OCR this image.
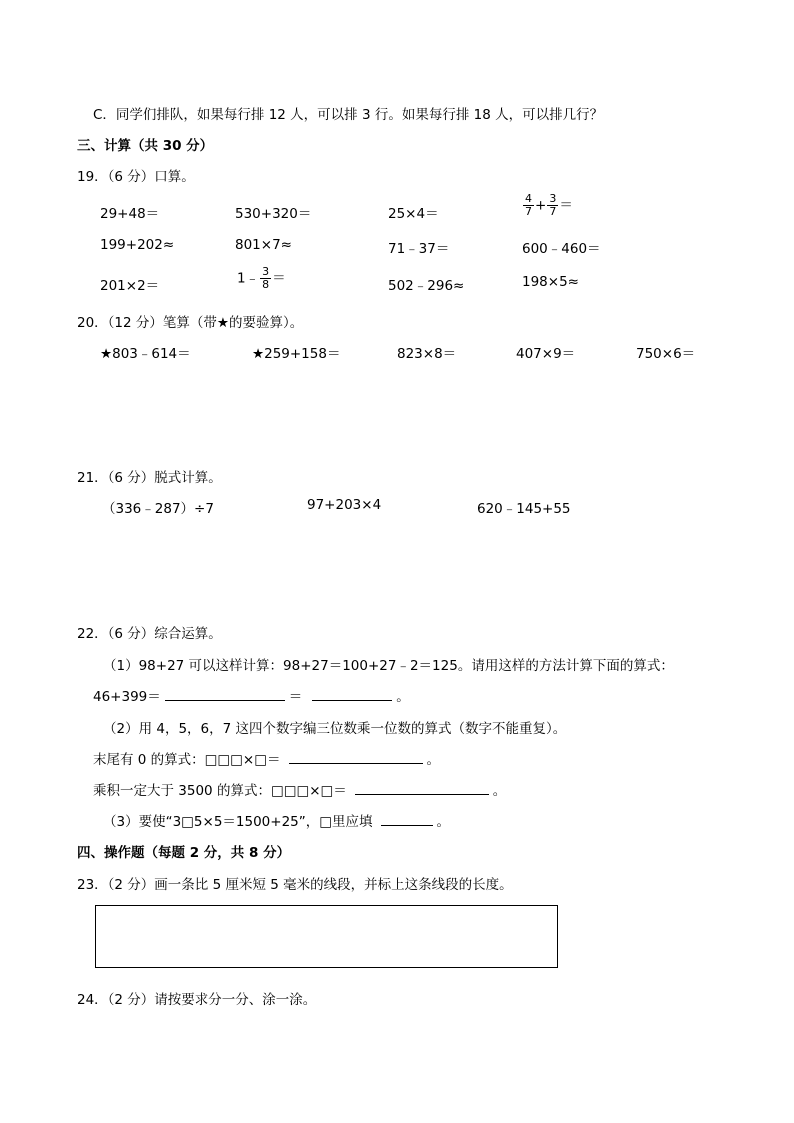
C．同学们排队，如果每行排 12 人，可以排 3 行。如果每行排 18 人，可以排几行？
三、计算（共 30 分）
19．（6 分）口算。
29+48＝	530+320＝	25×4＝	$\frac{4}{7} + \frac{3}{7}$ ＝
199+202≈	801×7≈	71﹣37＝	600﹣460＝
201×2＝	1﹣ $\frac{3}{8}$ ＝	502﹣296≈	198×5≈
20．（12 分）笔算（带★的要验算）。
★803﹣614＝	★259+158＝	823×8＝	407×9＝	750×6＝
21．（6 分）脱式计算。
（336﹣287）÷7	97+203×4	620﹣145+55
22．（6 分）综合运算。
（1）98+27 可以这样计算：98+27＝100+27﹣2＝125。请用这样的方法计算下面的算式：
46+399＝	＝	。
（2）用 4，5，6，7 这四个数字编三位数乘一位数的算式（数字不能重复）。
末尾有 0 的算式：□□□×□＝	。
乘积一定大于 3500 的算式：□□□×□＝	。
（3）要使“3□5×5＝1500+25”，□里应填	。
四、操作题（每题 2 分，共 8 分）
23．（2 分）画一条比 5 厘米短 5 毫米的线段，并标上这条线段的长度。
24．（2 分）请按要求分一分、涂一涂。
